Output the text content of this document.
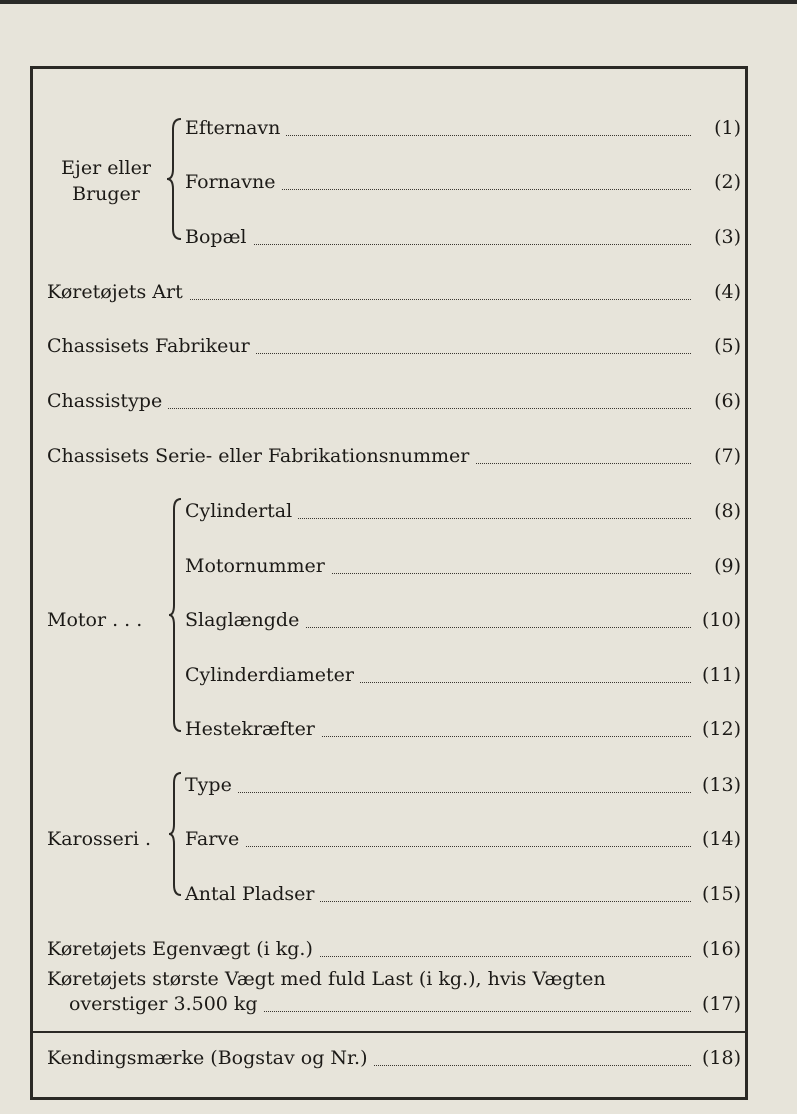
Ejer eller
Bruger
Efternavn	(1)
Fornavne	(2)
Bopæl	(3)
Køretøjets Art	(4)
Chassisets Fabrikeur	(5)
Chassistype	(6)
Chassisets Serie- eller Fabrikationsnummer	(7)
Motor . . .
Cylindertal	(8)
Motornummer	(9)
Slaglængde	(10)
Cylinderdiameter	(11)
Hestekræfter	(12)
Karosseri .
Type	(13)
Farve	(14)
Antal Pladser	(15)
Køretøjets Egenvægt (i kg.)	(16)
Køretøjets største Vægt med fuld Last (i kg.), hvis Vægten
overstiger 3.500 kg	(17)
Kendingsmærke (Bogstav og Nr.)	(18)
